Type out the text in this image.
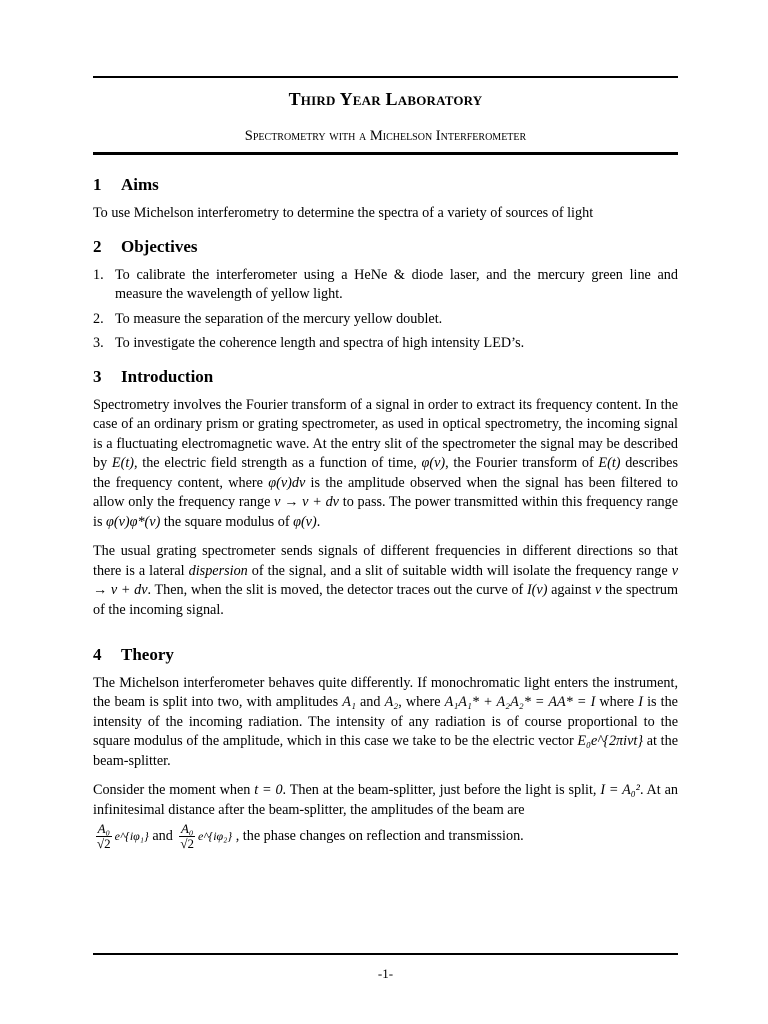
Third Year Laboratory
Spectrometry with a Michelson Interferometer
1 Aims

To use Michelson interferometry to determine the spectra of a variety of sources of light

2 Objectives
1. To calibrate the interferometer using a HeNe & diode laser, and the mercury green line and measure the wavelength of yellow light.
2. To measure the separation of the mercury yellow doublet.
3. To investigate the coherence length and spectra of high intensity LED’s.
3 Introduction

Spectrometry involves the Fourier transform of a signal in order to extract its frequency content. In the case of an ordinary prism or grating spectrometer, as used in optical spectrometry, the incoming signal is a fluctuating electromagnetic wave. At the entry slit of the spectrometer the signal may be described by E(t), the electric field strength as a function of time, φ(v), the Fourier transform of E(t) describes the frequency content, where φ(v)dv is the amplitude observed when the signal has been filtered to allow only the frequency range v → v + dv to pass. The power transmitted within this frequency range is φ(v)φ*(v) the square modulus of φ(v).

The usual grating spectrometer sends signals of different frequencies in different directions so that there is a lateral dispersion of the signal, and a slit of suitable width will isolate the frequency range v → v + dv. Then, when the slit is moved, the detector traces out the curve of I(v) against v the spectrum of the incoming signal.

4 Theory

The Michelson interferometer behaves quite differently. If monochromatic light enters the instrument, the beam is split into two, with amplitudes A₁ and A₂, where A₁A₁* + A₂A₂* = AA* = I where I is the intensity of the incoming radiation. The intensity of any radiation is of course proportional to the square modulus of the amplitude, which in this case we take to be the electric vector E₀e^{2πivt} at the beam-splitter.

Consider the moment when t = 0. Then at the beam-splitter, just before the light is split, I = A₀². At an infinitesimal distance after the beam-splitter, the amplitudes of the beam are

$\frac{\text{A₀}}{√2}$ e^{iφ₁} and $\frac{\text{A₀}}{√2}$ e^{iφ₂} , the phase changes on reflection and transmission.

-1-
